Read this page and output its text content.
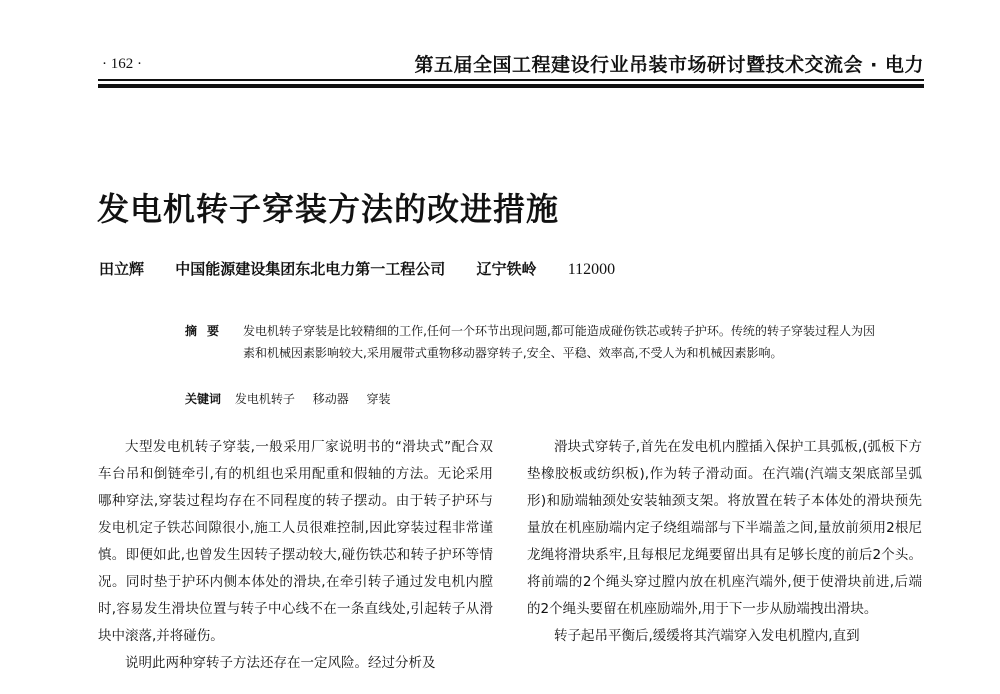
· 162 ·	第五届全国工程建设行业吊装市场研讨暨技术交流会 · 电力
发电机转子穿装方法的改进措施
田立辉 中国能源建设集团东北电力第一工程公司 辽宁铁岭 112000
摘要 发电机转子穿装是比较精细的工作,任何一个环节出现问题,都可能造成碰伤铁芯或转子护环。传统的转子穿装过程人为因素和机械因素影响较大,采用履带式重物移动器穿转子,安全、平稳、效率高,不受人为和机械因素影响。
关键词 发电机转子 移动器 穿装

大型发电机转子穿装,一般采用厂家说明书的“滑块式”配合双车台吊和倒链牵引,有的机组也采用配重和假轴的方法。无论采用哪种穿法,穿装过程均存在不同程度的转子摆动。由于转子护环与发电机定子铁芯间隙很小,施工人员很难控制,因此穿装过程非常谨慎。即便如此,也曾发生因转子摆动较大,碰伤铁芯和转子护环等情况。同时垫于护环内侧本体处的滑块,在牵引转子通过发电机内膛时,容易发生滑块位置与转子中心线不在一条直线处,引起转子从滑块中滚落,并将碰伤。

说明此两种穿转子方法还存在一定风险。经过分析及

滑块式穿转子,首先在发电机内膛插入保护工具弧板,(弧板下方垫橡胶板或纺织板),作为转子滑动面。在汽端(汽端支架底部呈弧形)和励端轴颈处安装轴颈支架。将放置在转子本体处的滑块预先量放在机座励端内定子绕组端部与下半端盖之间,量放前须用2根尼龙绳将滑块系牢,且每根尼龙绳要留出具有足够长度的前后2个头。将前端的2个绳头穿过膛内放在机座汽端外,便于使滑块前进,后端的2个绳头要留在机座励端外,用于下一步从励端拽出滑块。

转子起吊平衡后,缓缓将其汽端穿入发电机膛内,直到
